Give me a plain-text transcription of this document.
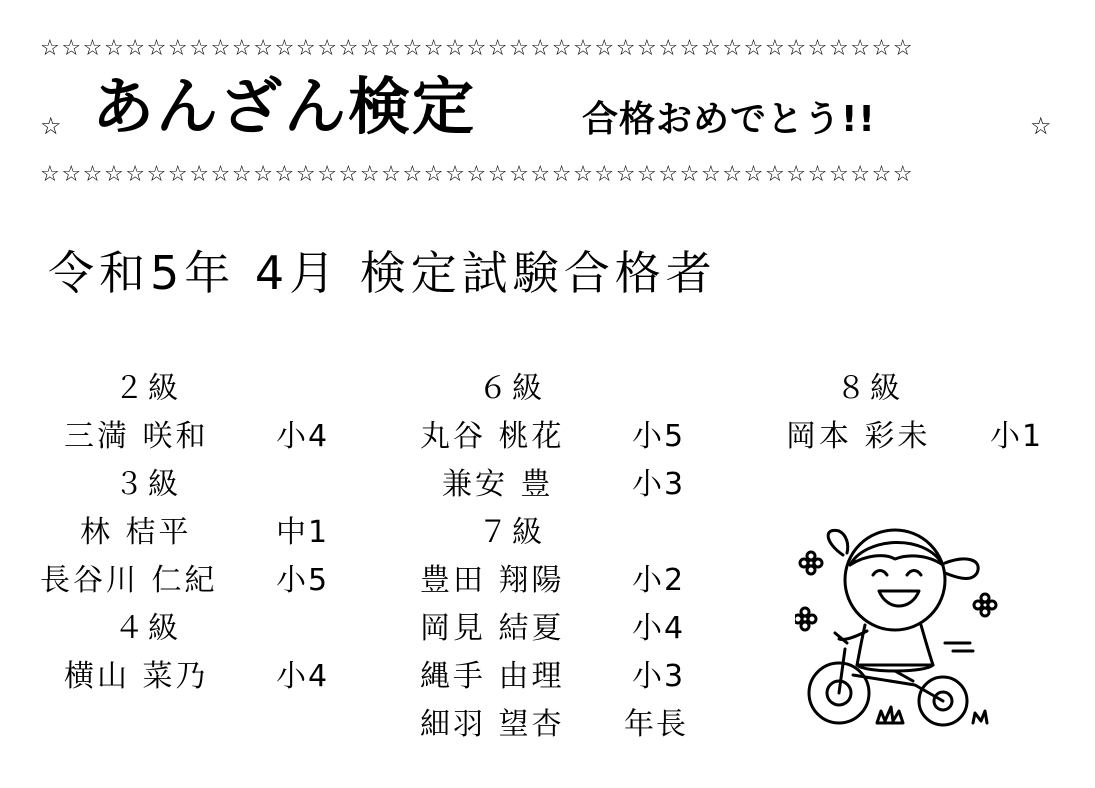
☆☆☆☆☆☆☆☆☆☆☆☆☆☆☆☆☆☆☆☆☆☆☆☆☆☆☆☆☆☆☆☆☆☆☆☆☆☆☆☆☆
☆ あんざん検定	合格おめでとう!!	☆
☆☆☆☆☆☆☆☆☆☆☆☆☆☆☆☆☆☆☆☆☆☆☆☆☆☆☆☆☆☆☆☆☆☆☆☆☆☆☆☆☆
令和5年 4月 検定試験合格者
２級
三満 咲和 小4
３級
林 桔平	中1
長谷川 仁紀 小5
４級
横山 菜乃 小4
６級
丸谷 桃花 小5
兼安 豊	小3
７級
豊田 翔陽 小2
岡見 結夏 小4
縄手 由理 小3
細羽 望杏 年長
８級
岡本 彩未 小1
